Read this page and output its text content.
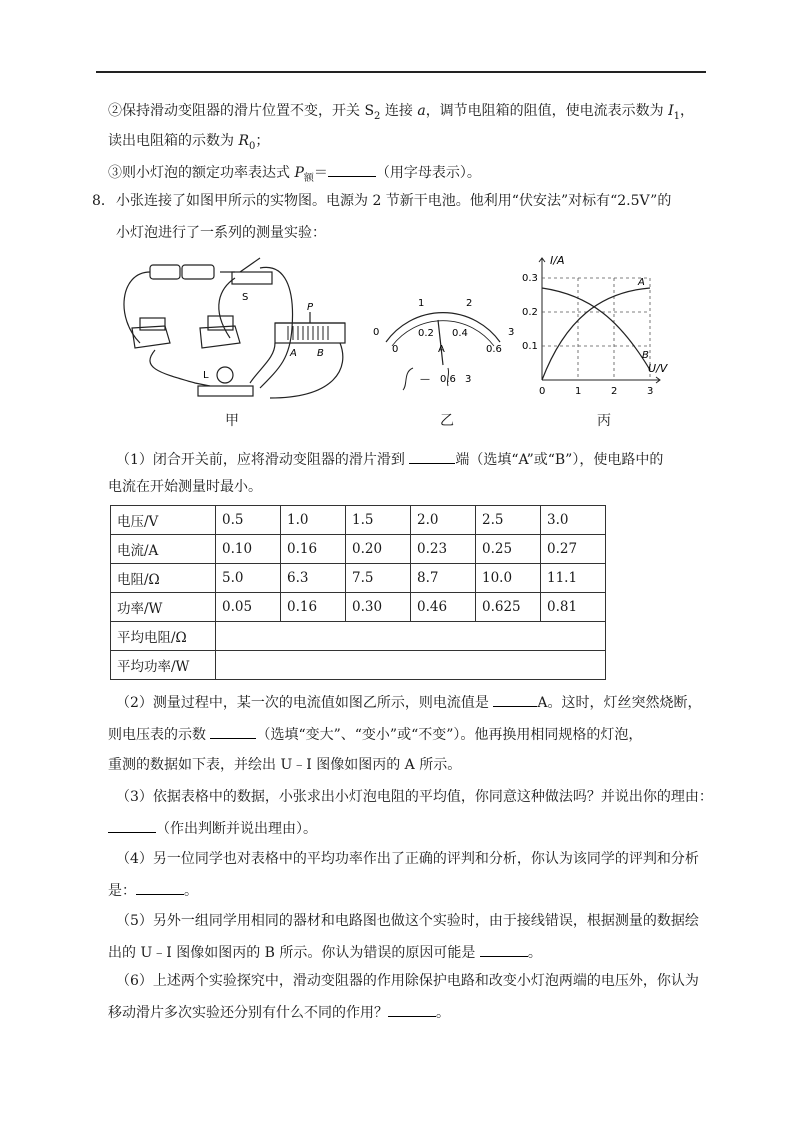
②保持滑动变阻器的滑片位置不变，开关 $S_2$ 连接 a，调节电阻箱的阻值，使电流表示数为 $I_1$，
读出电阻箱的示数为 $R_0$；
③则小灯泡的额定功率表达式 $P_额=$	（用字母表示）。
8． 小张连接了如图甲所示的实物图。电源为 2 节新干电池。他利用“伏安法”对标有“2.5V”的
小灯泡进行了一系列的测量实验：
S
P
A B
L
甲
0
1	2
3
0
0.2 0.4
0.6
A
— 0.6 3
乙
I/A
U/V
0.1
0.2
0.3
0	1	2	3
A
B
丙
（1）闭合开关前，应将滑动变阻器的滑片滑到	端（选填“A”或“B”），使电路中的
电流在开始测量时最小。
电压/V	0.5	1.0	1.5	2.0	2.5	3.0
电流/A	0.10	0.16	0.20	0.23	0.25	0.27
电阻/Ω	5.0	6.3	7.5	8.7	10.0	11.1
功率/W	0.05	0.16	0.30	0.46	0.625	0.81
平均电阻/Ω						
平均功率/W						
（2）测量过程中，某一次的电流值如图乙所示，则电流值是	A。这时，灯丝突然烧断，
则电压表的示数	（选填“变大”、“变小”或“不变”）。他再换用相同规格的灯泡，
重测的数据如下表，并绘出 U﹣I 图像如图丙的 A 所示。
（3）依据表格中的数据，小张求出小灯泡电阻的平均值，你同意这种做法吗？并说出你的理由：
（作出判断并说出理由）。
（4）另一位同学也对表格中的平均功率作出了正确的评判和分析，你认为该同学的评判和分析
是：	。
（5）另外一组同学用相同的器材和电路图也做这个实验时，由于接线错误，根据测量的数据绘
出的 U﹣I 图像如图丙的 B 所示。你认为错误的原因可能是	。
（6）上述两个实验探究中，滑动变阻器的作用除保护电路和改变小灯泡两端的电压外，你认为
移动滑片多次实验还分别有什么不同的作用？	。
